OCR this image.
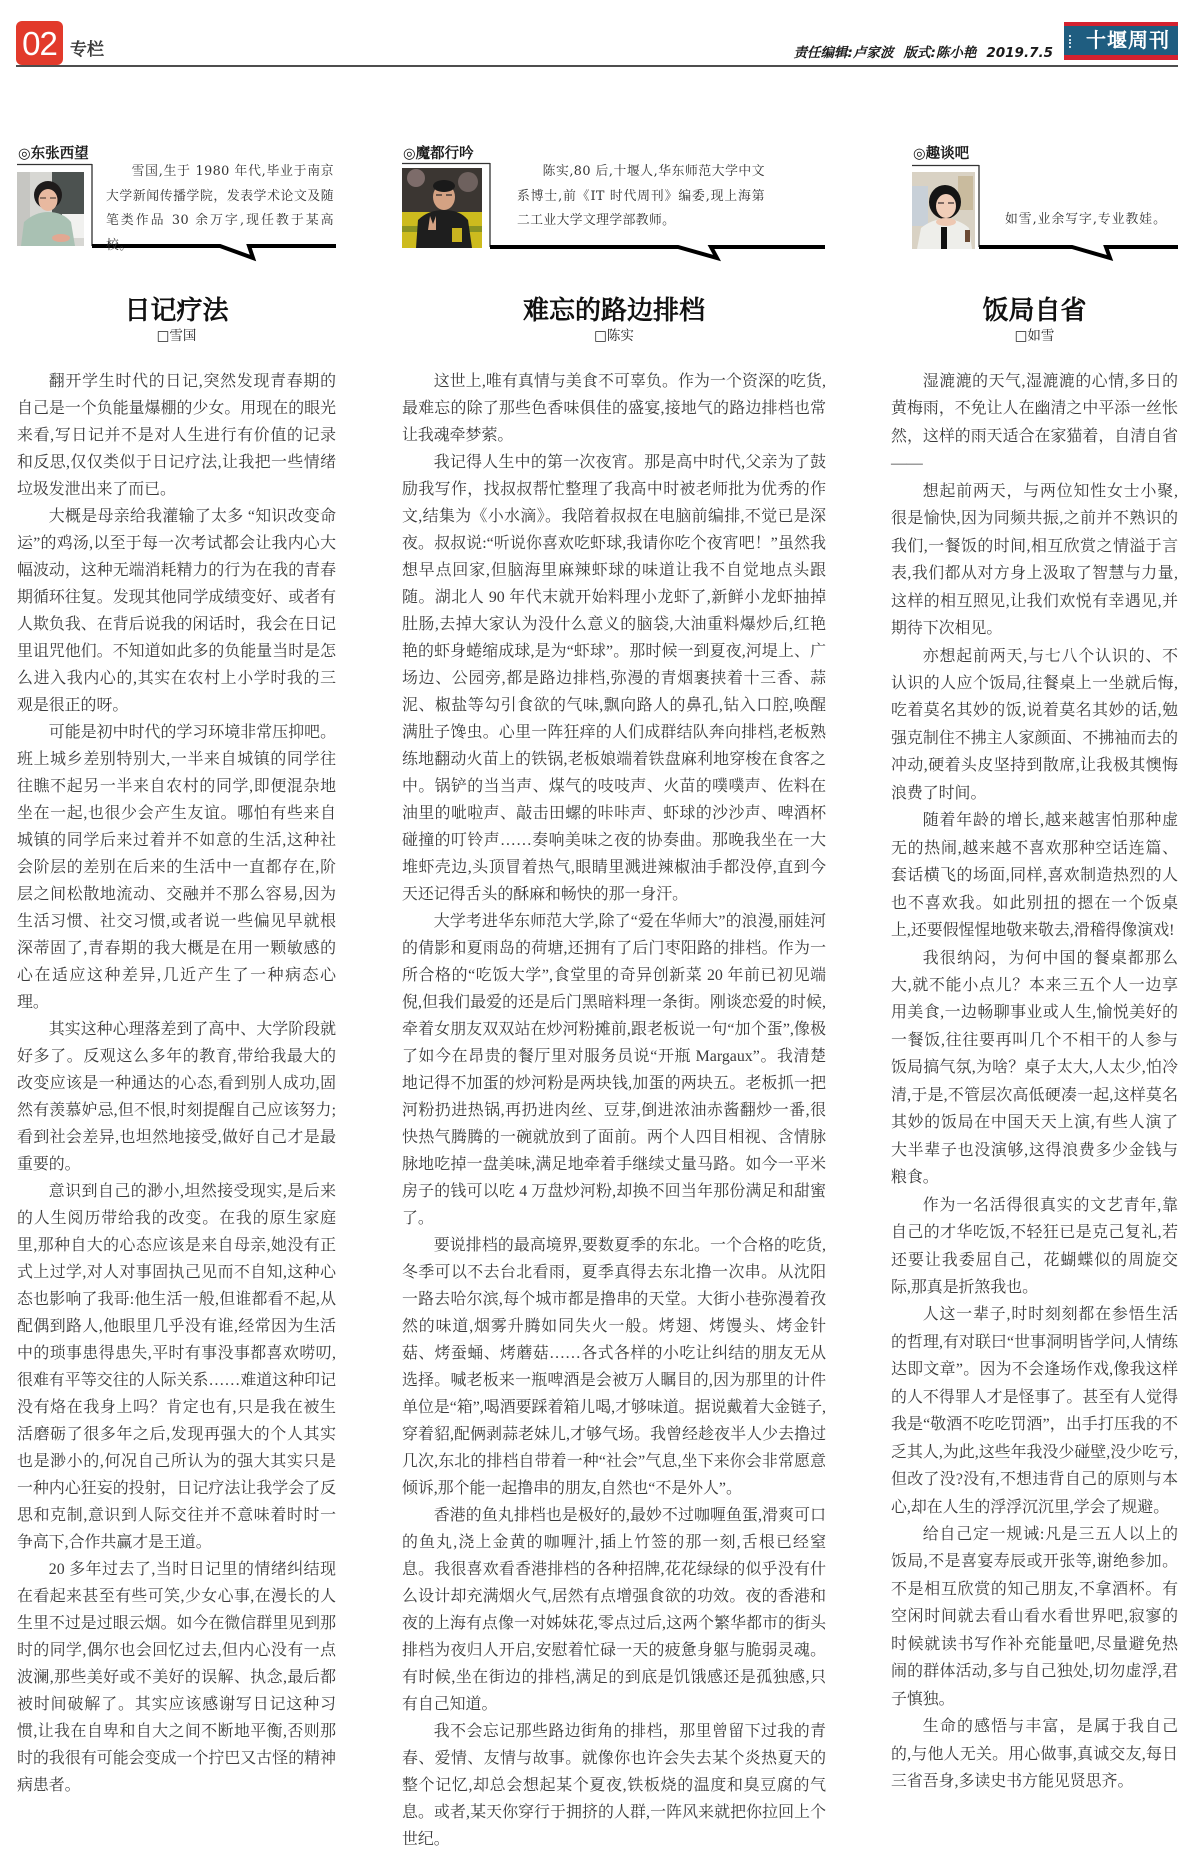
02 专栏	责任编辑:卢家波 版式:陈小艳 2019.7.5
十堰周刊
◎东张西望
雪国,生于 1980 年代,毕业于南京大学新闻传播学院，发表学术论文及随笔类作品 30 余万字,现任教于某高校。
日记疗法
□雪国

翻开学生时代的日记,突然发现青春期的自己是一个负能量爆棚的少女。用现在的眼光来看,写日记并不是对人生进行有价值的记录和反思,仅仅类似于日记疗法,让我把一些情绪垃圾发泄出来了而已。

大概是母亲给我灌输了太多 “知识改变命运”的鸡汤,以至于每一次考试都会让我内心大幅波动，这种无端消耗精力的行为在我的青春期循环往复。发现其他同学成绩变好、或者有人欺负我、在背后说我的闲话时，我会在日记里诅咒他们。不知道如此多的负能量当时是怎么进入我内心的,其实在农村上小学时我的三观是很正的呀。

可能是初中时代的学习环境非常压抑吧。班上城乡差别特别大,一半来自城镇的同学往往瞧不起另一半来自农村的同学,即便混杂地坐在一起,也很少会产生友谊。哪怕有些来自城镇的同学后来过着并不如意的生活,这种社会阶层的差别在后来的生活中一直都存在,阶层之间松散地流动、交融并不那么容易,因为生活习惯、社交习惯,或者说一些偏见早就根深蒂固了,青春期的我大概是在用一颗敏感的心在适应这种差异,几近产生了一种病态心理。

其实这种心理落差到了高中、大学阶段就好多了。反观这么多年的教育,带给我最大的改变应该是一种通达的心态,看到别人成功,固然有羡慕妒忌,但不恨,时刻提醒自己应该努力;看到社会差异,也坦然地接受,做好自己才是最重要的。

意识到自己的渺小,坦然接受现实,是后来的人生阅历带给我的改变。在我的原生家庭里,那种自大的心态应该是来自母亲,她没有正式上过学,对人对事固执己见而不自知,这种心态也影响了我哥:他生活一般,但谁都看不起,从配偶到路人,他眼里几乎没有谁,经常因为生活中的琐事患得患失,平时有事没事都喜欢唠叨,很难有平等交往的人际关系……难道这种印记没有烙在我身上吗？肯定也有,只是我在被生活磨砺了很多年之后,发现再强大的个人其实也是渺小的,何况自己所认为的强大其实只是一种内心狂妄的投射，日记疗法让我学会了反思和克制,意识到人际交往并不意味着时时一争高下,合作共赢才是王道。

20 多年过去了,当时日记里的情绪纠结现在看起来甚至有些可笑,少女心事,在漫长的人生里不过是过眼云烟。如今在微信群里见到那时的同学,偶尔也会回忆过去,但内心没有一点波澜,那些美好或不美好的误解、执念,最后都被时间破解了。其实应该感谢写日记这种习惯,让我在自卑和自大之间不断地平衡,否则那时的我很有可能会变成一个拧巴又古怪的精神病患者。

◎魔都行吟
陈实,80 后,十堰人,华东师范大学中文系博士,前《IT 时代周刊》编委,现上海第二工业大学文理学部教师。
难忘的路边排档
□陈实

这世上,唯有真情与美食不可辜负。作为一个资深的吃货,最难忘的除了那些色香味俱佳的盛宴,接地气的路边排档也常让我魂牵梦萦。

我记得人生中的第一次夜宵。那是高中时代,父亲为了鼓励我写作，找叔叔帮忙整理了我高中时被老师批为优秀的作文,结集为《小水滴》。我陪着叔叔在电脑前编排,不觉已是深夜。叔叔说:“听说你喜欢吃虾球,我请你吃个夜宵吧！”虽然我想早点回家,但脑海里麻辣虾球的味道让我不自觉地点头跟随。湖北人 90 年代末就开始料理小龙虾了,新鲜小龙虾抽掉肚肠,去掉大家认为没什么意义的脑袋,大油重料爆炒后,红艳艳的虾身蜷缩成球,是为“虾球”。那时候一到夏夜,河堤上、广场边、公园旁,都是路边排档,弥漫的青烟裹挟着十三香、蒜泥、椒盐等勾引食欲的气味,飘向路人的鼻孔,钻入口腔,唤醒满肚子馋虫。心里一阵狂痒的人们成群结队奔向排档,老板熟练地翻动火苗上的铁锅,老板娘端着铁盘麻利地穿梭在食客之中。锅铲的当当声、煤气的吱吱声、火苗的噗噗声、佐料在油里的呲啦声、敲击田螺的咔咔声、虾球的沙沙声、啤酒杯碰撞的叮铃声……奏响美味之夜的协奏曲。那晚我坐在一大堆虾壳边,头顶冒着热气,眼睛里溅进辣椒油手都没停,直到今天还记得舌头的酥麻和畅快的那一身汗。

大学考进华东师范大学,除了“爱在华师大”的浪漫,丽娃河的倩影和夏雨岛的荷塘,还拥有了后门枣阳路的排档。作为一所合格的“吃饭大学”,食堂里的奇异创新菜 20 年前已初见端倪,但我们最爱的还是后门黑暗料理一条街。刚谈恋爱的时候,牵着女朋友双双站在炒河粉摊前,跟老板说一句“加个蛋”,像极了如今在昂贵的餐厅里对服务员说“开瓶 Margaux”。我清楚地记得不加蛋的炒河粉是两块钱,加蛋的两块五。老板抓一把河粉扔进热锅,再扔进肉丝、豆芽,倒进浓油赤酱翻炒一番,很快热气腾腾的一碗就放到了面前。两个人四目相视、含情脉脉地吃掉一盘美味,满足地牵着手继续丈量马路。如今一平米房子的钱可以吃 4 万盘炒河粉,却换不回当年那份满足和甜蜜了。

要说排档的最高境界,要数夏季的东北。一个合格的吃货,冬季可以不去台北看雨，夏季真得去东北撸一次串。从沈阳一路去哈尔滨,每个城市都是撸串的天堂。大街小巷弥漫着孜然的味道,烟雾升腾如同失火一般。烤翅、烤馒头、烤金针菇、烤蚕蛹、烤蘑菇……各式各样的小吃让纠结的朋友无从选择。喊老板来一瓶啤酒是会被万人瞩目的,因为那里的计件单位是“箱”,喝酒要踩着箱儿喝,才够味道。据说戴着大金链子,穿着貂,配俩剥蒜老妹儿,才够气场。我曾经趁夜半人少去撸过几次,东北的排档自带着一种“社会”气息,坐下来你会非常愿意倾诉,那个能一起撸串的朋友,自然也“不是外人”。

香港的鱼丸排档也是极好的,最妙不过咖喱鱼蛋,滑爽可口的鱼丸,浇上金黄的咖喱汁,插上竹签的那一刻,舌根已经窒息。我很喜欢看香港排档的各种招牌,花花绿绿的似乎没有什么设计却充满烟火气,居然有点增强食欲的功效。夜的香港和夜的上海有点像一对姊妹花,零点过后,这两个繁华都市的街头排档为夜归人开启,安慰着忙碌一天的疲惫身躯与脆弱灵魂。有时候,坐在街边的排档,满足的到底是饥饿感还是孤独感,只有自己知道。

我不会忘记那些路边街角的排档，那里曾留下过我的青春、爱情、友情与故事。就像你也许会失去某个炎热夏天的整个记忆,却总会想起某个夏夜,铁板烧的温度和臭豆腐的气息。或者,某天你穿行于拥挤的人群,一阵风来就把你拉回上个世纪。

◎趣谈吧
如雪,业余写字,专业教娃。
饭局自省
□如雪

湿漉漉的天气,湿漉漉的心情,多日的黄梅雨，不免让人在幽清之中平添一丝怅然，这样的雨天适合在家猫着，自清自省——

想起前两天，与两位知性女士小聚,很是愉快,因为同频共振,之前并不熟识的我们,一餐饭的时间,相互欣赏之情溢于言表,我们都从对方身上汲取了智慧与力量,这样的相互照见,让我们欢悦有幸遇见,并期待下次相见。

亦想起前两天,与七八个认识的、不认识的人应个饭局,往餐桌上一坐就后悔,吃着莫名其妙的饭,说着莫名其妙的话,勉强克制住不拂主人家颜面、不拂袖而去的冲动,硬着头皮坚持到散席,让我极其懊悔浪费了时间。

随着年龄的增长,越来越害怕那种虚无的热闹,越来越不喜欢那种空话连篇、套话横飞的场面,同样,喜欢制造热烈的人也不喜欢我。如此别扭的摁在一个饭桌上,还要假惺惺地敬来敬去,滑稽得像演戏!

我很纳闷，为何中国的餐桌都那么大,就不能小点儿？本来三五个人一边享用美食,一边畅聊事业或人生,愉悦美好的一餐饭,往往要再叫几个不相干的人参与饭局搞气氛,为啥？桌子太大,人太少,怕冷清,于是,不管层次高低硬凑一起,这样莫名其妙的饭局在中国天天上演,有些人演了大半辈子也没演够,这得浪费多少金钱与粮食。

作为一名活得很真实的文艺青年,靠自己的才华吃饭,不轻狂已是克己复礼,若还要让我委屈自己，花蝴蝶似的周旋交际,那真是折煞我也。

人这一辈子,时时刻刻都在参悟生活的哲理,有对联曰“世事洞明皆学问,人情练达即文章”。因为不会逢场作戏,像我这样的人不得罪人才是怪事了。甚至有人觉得我是“敬酒不吃吃罚酒”，出手打压我的不乏其人,为此,这些年我没少碰壁,没少吃亏,但改了没?没有,不想违背自己的原则与本心,却在人生的浮浮沉沉里,学会了规避。

给自己定一规诫:凡是三五人以上的饭局,不是喜宴寿辰或开张等,谢绝参加。不是相互欣赏的知己朋友,不拿酒杯。有空闲时间就去看山看水看世界吧,寂寥的时候就读书写作补充能量吧,尽量避免热闹的群体活动,多与自己独处,切勿虚浮,君子慎独。

生命的感悟与丰富，是属于我自己的,与他人无关。用心做事,真诚交友,每日三省吾身,多读史书方能见贤思齐。
